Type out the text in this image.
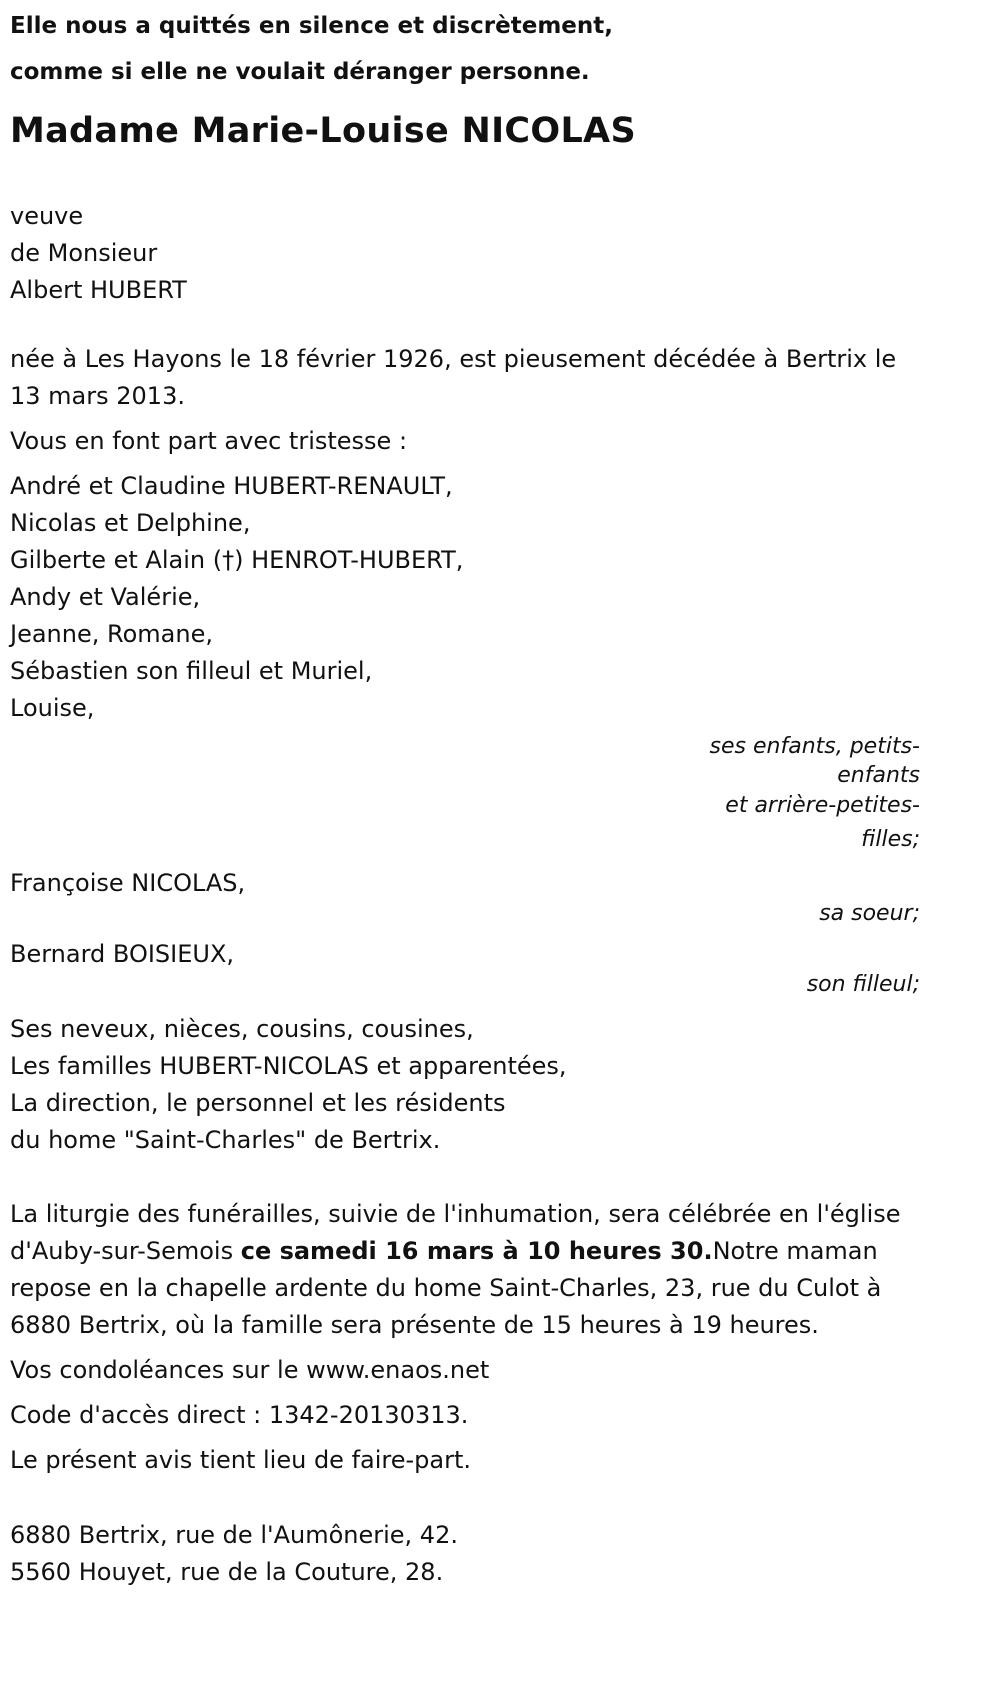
Elle nous a quittés en silence et discrètement,
comme si elle ne voulait déranger personne.
Madame Marie-Louise NICOLAS
veuve
de Monsieur
Albert HUBERT
née à Les Hayons le 18 février 1926, est pieusement décédée à Bertrix le 13 mars 2013.
Vous en font part avec tristesse :
André et Claudine HUBERT-RENAULT,
Nicolas et Delphine,
Gilberte et Alain (†) HENROT-HUBERT,
Andy et Valérie,
Jeanne, Romane,
Sébastien son filleul et Muriel,
Louise,
ses enfants, petits-
enfants
et arrière-petites-
filles;
Françoise NICOLAS,
sa soeur;
Bernard BOISIEUX,
son filleul;
Ses neveux, nièces, cousins, cousines,
Les familles HUBERT-NICOLAS et apparentées,
La direction, le personnel et les résidents
du home "Saint-Charles" de Bertrix.
La liturgie des funérailles, suivie de l'inhumation, sera célébrée en l'église d'Auby-sur-Semois ce samedi 16 mars à 10 heures 30.Notre maman repose en la chapelle ardente du home Saint-Charles, 23, rue du Culot à 6880 Bertrix, où la famille sera présente de 15 heures à 19 heures.
Vos condoléances sur le www.enaos.net
Code d'accès direct : 1342-20130313.
Le présent avis tient lieu de faire-part.
6880 Bertrix, rue de l'Aumônerie, 42.
5560 Houyet, rue de la Couture, 28.
